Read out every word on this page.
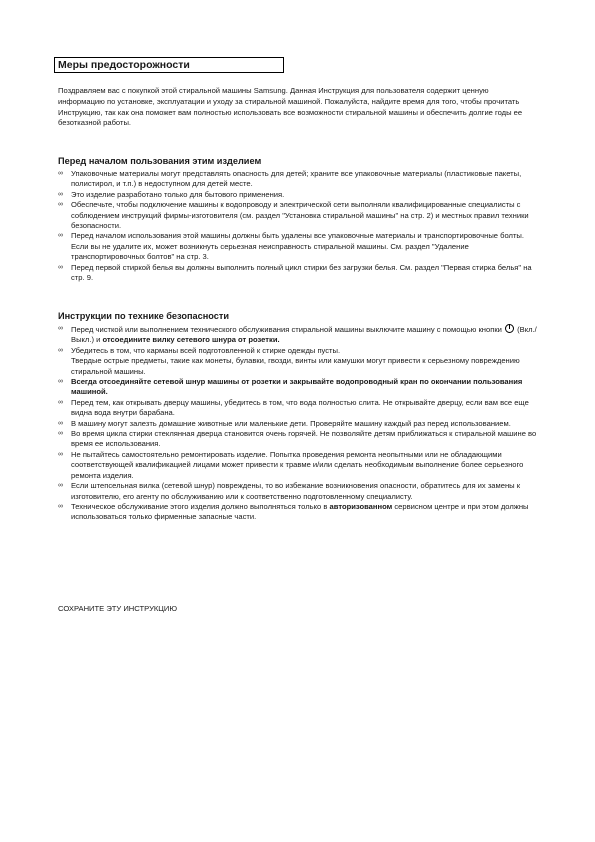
Меры предосторожности

Поздравляем вас с покупкой этой стиральной машины Samsung. Данная Инструкция для пользователя содержит ценную информацию по установке, эксплуатации и уходу за стиральной машиной. Пожалуйста, найдите время для того, чтобы прочитать Инструкцию, так как она поможет вам полностью использовать все возможности стиральной машины и обеспечить долгие годы ее безотказной работы.

Перед началом пользования этим изделием
∞ Упаковочные материалы могут представлять опасность для детей; храните все упаковочные материалы (пластиковые пакеты, полистирол, и т.п.) в недоступном для детей месте.
∞ Это изделие разработано только для бытового применения.
∞ Обеспечьте, чтобы подключение машины к водопроводу и электрической сети выполняли квалифицированные специалисты с соблюдением инструкций фирмы-изготовителя (см. раздел "Установка стиральной машины" на стр. 2) и местных правил техники безопасности.
∞ Перед началом использования этой машины должны быть удалены все упаковочные материалы и транспортировочные болты. Если вы не удалите их, может возникнуть серьезная неисправность стиральной машины. См. раздел "Удаление транспортировочных болтов" на стр. 3.
∞ Перед первой стиркой белья вы должны выполнить полный цикл стирки без загрузки белья. См. раздел "Первая стирка белья" на стр. 9.
Инструкции по технике безопасности
∞ Перед чисткой или выполнением технического обслуживания стиральной машины выключите машину с помощью кнопки (Вкл./Выкл.) и отсоедините вилку сетевого шнура от розетки.
∞ Убедитесь в том, что карманы всей подготовленной к стирке одежды пусты.
Твердые острые предметы, такие как монеты, булавки, гвозди, винты или камушки могут привести к серьезному повреждению стиральной машины.
∞ Всегда отсоединяйте сетевой шнур машины от розетки и закрывайте водопроводный кран по окончании пользования машиной.
∞ Перед тем, как открывать дверцу машины, убедитесь в том, что вода полностью слита. Не открывайте дверцу, если вам все еще видна вода внутри барабана.
∞ В машину могут залезть домашние животные или маленькие дети. Проверяйте машину каждый раз перед использованием.
∞ Во время цикла стирки стеклянная дверца становится очень горячей. Не позволяйте детям приближаться к стиральной машине во время ее использования.
∞ Не пытайтесь самостоятельно ремонтировать изделие. Попытка проведения ремонта неопытными или не обладающими соответствующей квалификацией лицами может привести к травме и/или сделать необходимым выполнение более серьезного ремонта изделия.
∞ Если штепсельная вилка (сетевой шнур) повреждены, то во избежание возникновения опасности, обратитесь для их замены к изготовителю, его агенту по обслуживанию или к соответственно подготовленному специалисту.
∞ Техническое обслуживание этого изделия должно выполняться только в авторизованном сервисном центре и при этом должны использоваться только фирменные запасные части.

СОХРАНИТЕ ЭТУ ИНСТРУКЦИЮ
